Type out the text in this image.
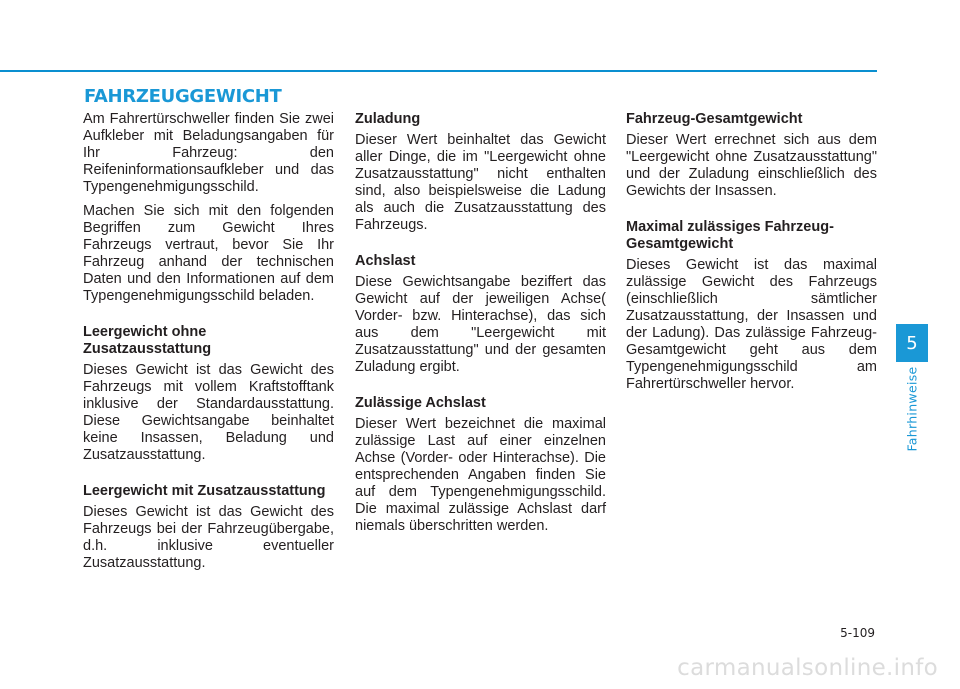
FAHRZEUGGEWICHT

Am Fahrertürschweller finden Sie zwei Aufkleber mit Beladungsangaben für Ihr Fahrzeug: den Reifeninformationsaufkleber und das Typengenehmigungsschild.

Machen Sie sich mit den folgenden Begriffen zum Gewicht Ihres Fahrzeugs vertraut, bevor Sie Ihr Fahrzeug anhand der technischen Daten und den Informationen auf dem Typengenehmigungsschild beladen.

Leergewicht ohne Zusatzausstattung

Dieses Gewicht ist das Gewicht des Fahrzeugs mit vollem Kraftstofftank inklusive der Standardausstattung. Diese Gewichtsangabe beinhaltet keine Insassen, Beladung und Zusatzausstattung.

Leergewicht mit Zusatzausstattung

Dieses Gewicht ist das Gewicht des Fahrzeugs bei der Fahrzeugübergabe, d.h. inklusive eventueller Zusatzausstattung.

Zuladung

Dieser Wert beinhaltet das Gewicht aller Dinge, die im "Leergewicht ohne Zusatzausstattung" nicht enthalten sind, also beispielsweise die Ladung als auch die Zusatzausstattung des Fahrzeugs.

Achslast

Diese Gewichtsangabe beziffert das Gewicht auf der jeweiligen Achse( Vorder- bzw. Hinterachse), das sich aus dem "Leergewicht mit Zusatzausstattung" und der gesamten Zuladung ergibt.

Zulässige Achslast

Dieser Wert bezeichnet die maximal zulässige Last auf einer einzelnen Achse (Vorder- oder Hinterachse). Die entsprechenden Angaben finden Sie auf dem Typengenehmigungsschild. Die maximal zulässige Achslast darf niemals überschritten werden.

Fahrzeug-Gesamtgewicht

Dieser Wert errechnet sich aus dem "Leergewicht ohne Zusatzausstattung" und der Zuladung einschließlich des Gewichts der Insassen.

Maximal zulässiges Fahrzeug-Gesamtgewicht

Dieses Gewicht ist das maximal zulässige Gewicht des Fahrzeugs (einschließlich sämtlicher Zusatzausstattung, der Insassen und der Ladung). Das zulässige Fahrzeug-Gesamtgewicht geht aus dem Typengenehmigungsschild am Fahrertürschweller hervor.

5
Fahrhinweise
5-109
carmanualsonline.info
